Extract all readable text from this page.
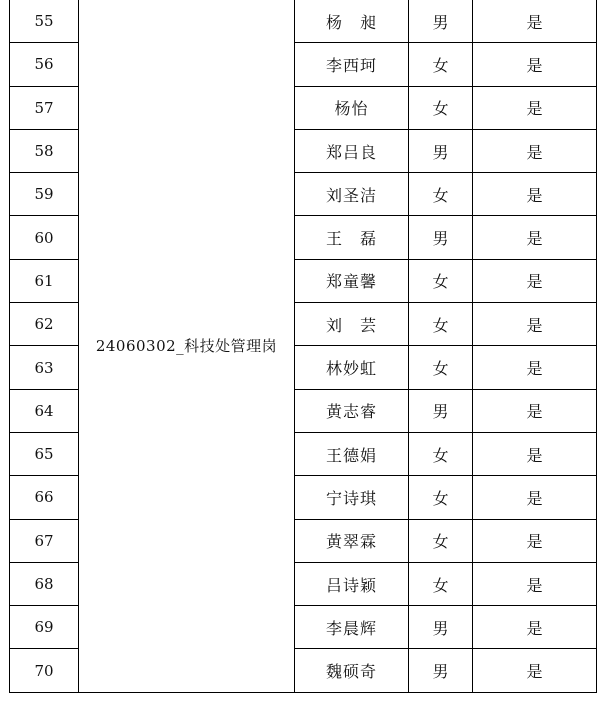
55	24060302_科技处管理岗	杨　昶	男	是
56		李西珂	女	是
57		杨怡	女	是
58		郑吕良	男	是
59		刘圣洁	女	是
60		王　磊	男	是
61		郑童馨	女	是
62		刘　芸	女	是
63		林妙虹	女	是
64		黄志睿	男	是
65		王德娟	女	是
66		宁诗琪	女	是
67		黄翠霖	女	是
68		吕诗颖	女	是
69		李晨辉	男	是
70		魏硕奇	男	是
